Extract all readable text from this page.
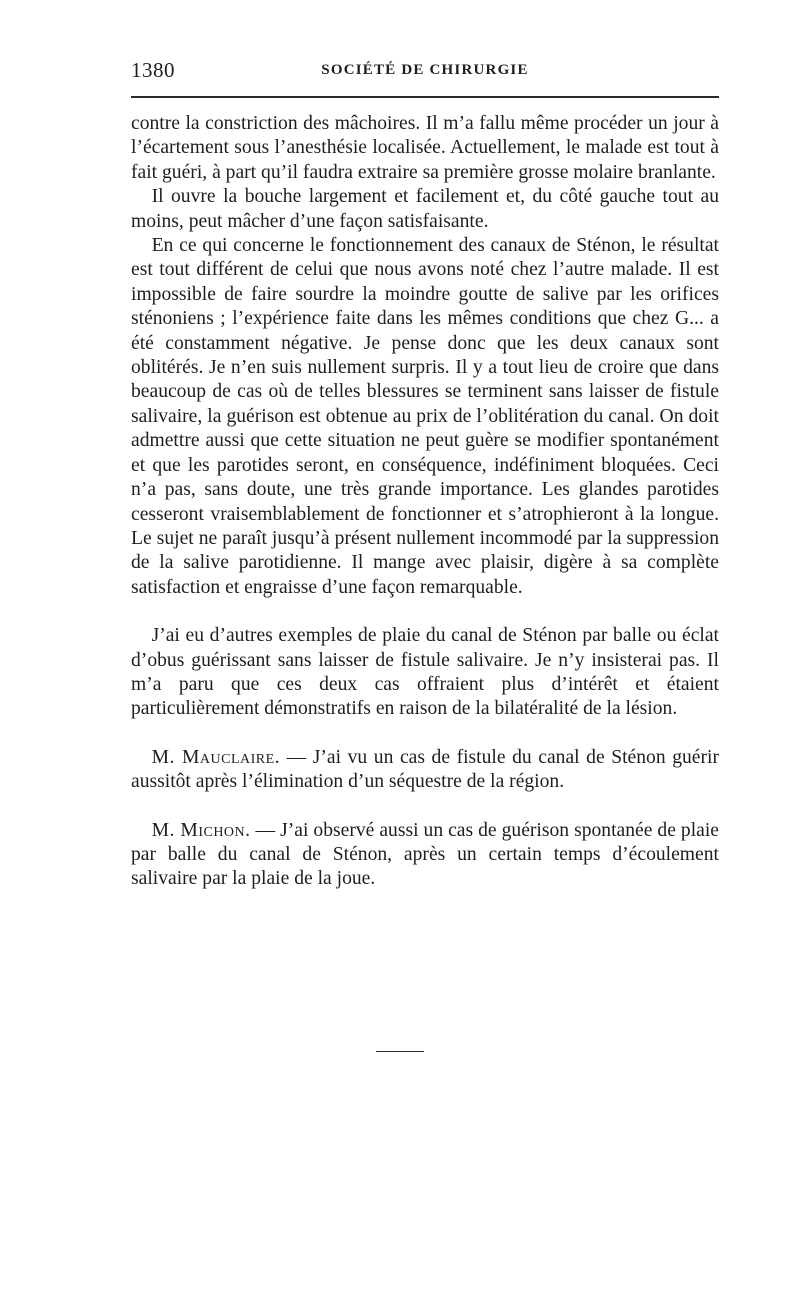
1380	SOCIÉTÉ DE CHIRURGIE

contre la constriction des mâchoires. Il m’a fallu même procéder un jour à l’écartement sous l’anesthésie localisée. Actuellement, le malade est tout à fait guéri, à part qu’il faudra extraire sa première grosse molaire branlante.

Il ouvre la bouche largement et facilement et, du côté gauche tout au moins, peut mâcher d’une façon satisfaisante.

En ce qui concerne le fonctionnement des canaux de Sténon, le résultat est tout différent de celui que nous avons noté chez l’autre malade. Il est impossible de faire sourdre la moindre goutte de salive par les orifices sténoniens ; l’expérience faite dans les mêmes conditions que chez G... a été constamment négative. Je pense donc que les deux canaux sont oblitérés. Je n’en suis nullement surpris. Il y a tout lieu de croire que dans beaucoup de cas où de telles blessures se terminent sans laisser de fistule salivaire, la guérison est obtenue au prix de l’oblitération du canal. On doit admettre aussi que cette situation ne peut guère se modifier spontanément et que les parotides seront, en conséquence, indéfiniment bloquées. Ceci n’a pas, sans doute, une très grande importance. Les glandes parotides cesseront vraisemblablement de fonctionner et s’atrophieront à la longue. Le sujet ne paraît jusqu’à présent nullement incommodé par la suppression de la salive parotidienne. Il mange avec plaisir, digère à sa complète satisfaction et engraisse d’une façon remarquable.

J’ai eu d’autres exemples de plaie du canal de Sténon par balle ou éclat d’obus guérissant sans laisser de fistule salivaire. Je n’y insisterai pas. Il m’a paru que ces deux cas offraient plus d’intérêt et étaient particulièrement démonstratifs en raison de la bilatéralité de la lésion.

M. Mauclaire. — J’ai vu un cas de fistule du canal de Sténon guérir aussitôt après l’élimination d’un séquestre de la région.

M. Michon. — J’ai observé aussi un cas de guérison spontanée de plaie par balle du canal de Sténon, après un certain temps d’écoulement salivaire par la plaie de la joue.
